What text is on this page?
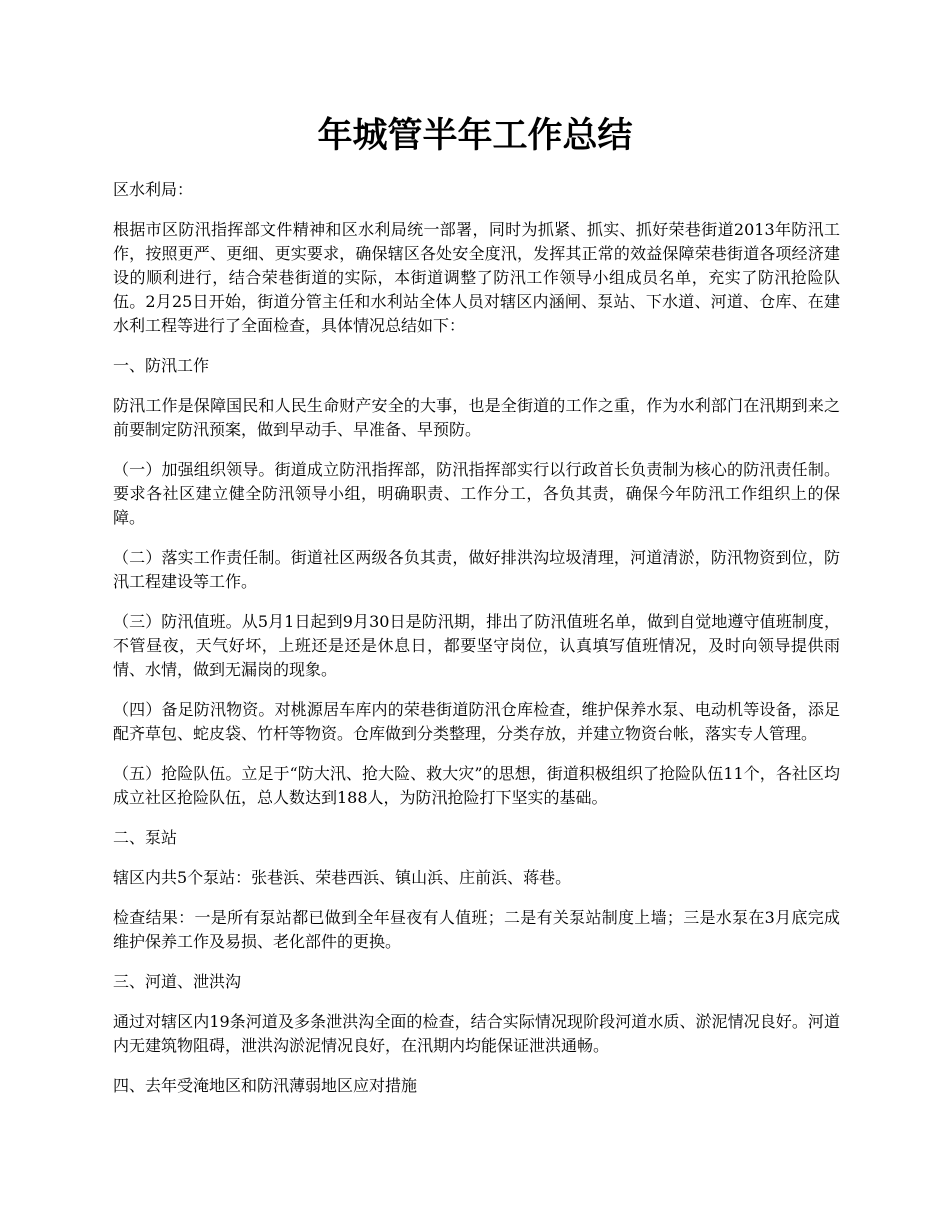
年城管半年工作总结

区水利局：

根据市区防汛指挥部文件精神和区水利局统一部署，同时为抓紧、抓实、抓好荣巷街道2013年防汛工作，按照更严、更细、更实要求，确保辖区各处安全度汛，发挥其正常的效益保障荣巷街道各项经济建设的顺利进行，结合荣巷街道的实际，本街道调整了防汛工作领导小组成员名单，充实了防汛抢险队伍。2月25日开始，街道分管主任和水利站全体人员对辖区内涵闸、泵站、下水道、河道、仓库、在建水利工程等进行了全面检查，具体情况总结如下：

一、防汛工作

防汛工作是保障国民和人民生命财产安全的大事，也是全街道的工作之重，作为水利部门在汛期到来之前要制定防汛预案，做到早动手、早准备、早预防。

（一）加强组织领导。街道成立防汛指挥部，防汛指挥部实行以行政首长负责制为核心的防汛责任制。要求各社区建立健全防汛领导小组，明确职责、工作分工，各负其责，确保今年防汛工作组织上的保障。

（二）落实工作责任制。街道社区两级各负其责，做好排洪沟垃圾清理，河道清淤，防汛物资到位，防汛工程建设等工作。

（三）防汛值班。从5月1日起到9月30日是防汛期，排出了防汛值班名单，做到自觉地遵守值班制度，不管昼夜，天气好坏，上班还是还是休息日，都要坚守岗位，认真填写值班情况，及时向领导提供雨情、水情，做到无漏岗的现象。

（四）备足防汛物资。对桃源居车库内的荣巷街道防汛仓库检查，维护保养水泵、电动机等设备，添足配齐草包、蛇皮袋、竹杆等物资。仓库做到分类整理，分类存放，并建立物资台帐，落实专人管理。

（五）抢险队伍。立足于“防大汛、抢大险、救大灾”的思想，街道积极组织了抢险队伍11个，各社区均成立社区抢险队伍，总人数达到188人，为防汛抢险打下坚实的基础。

二、泵站

辖区内共5个泵站：张巷浜、荣巷西浜、镇山浜、庄前浜、蒋巷。

检查结果：一是所有泵站都已做到全年昼夜有人值班；二是有关泵站制度上墙；三是水泵在3月底完成维护保养工作及易损、老化部件的更换。

三、河道、泄洪沟

通过对辖区内19条河道及多条泄洪沟全面的检查，结合实际情况现阶段河道水质、淤泥情况良好。河道内无建筑物阻碍，泄洪沟淤泥情况良好，在汛期内均能保证泄洪通畅。

四、去年受淹地区和防汛薄弱地区应对措施
